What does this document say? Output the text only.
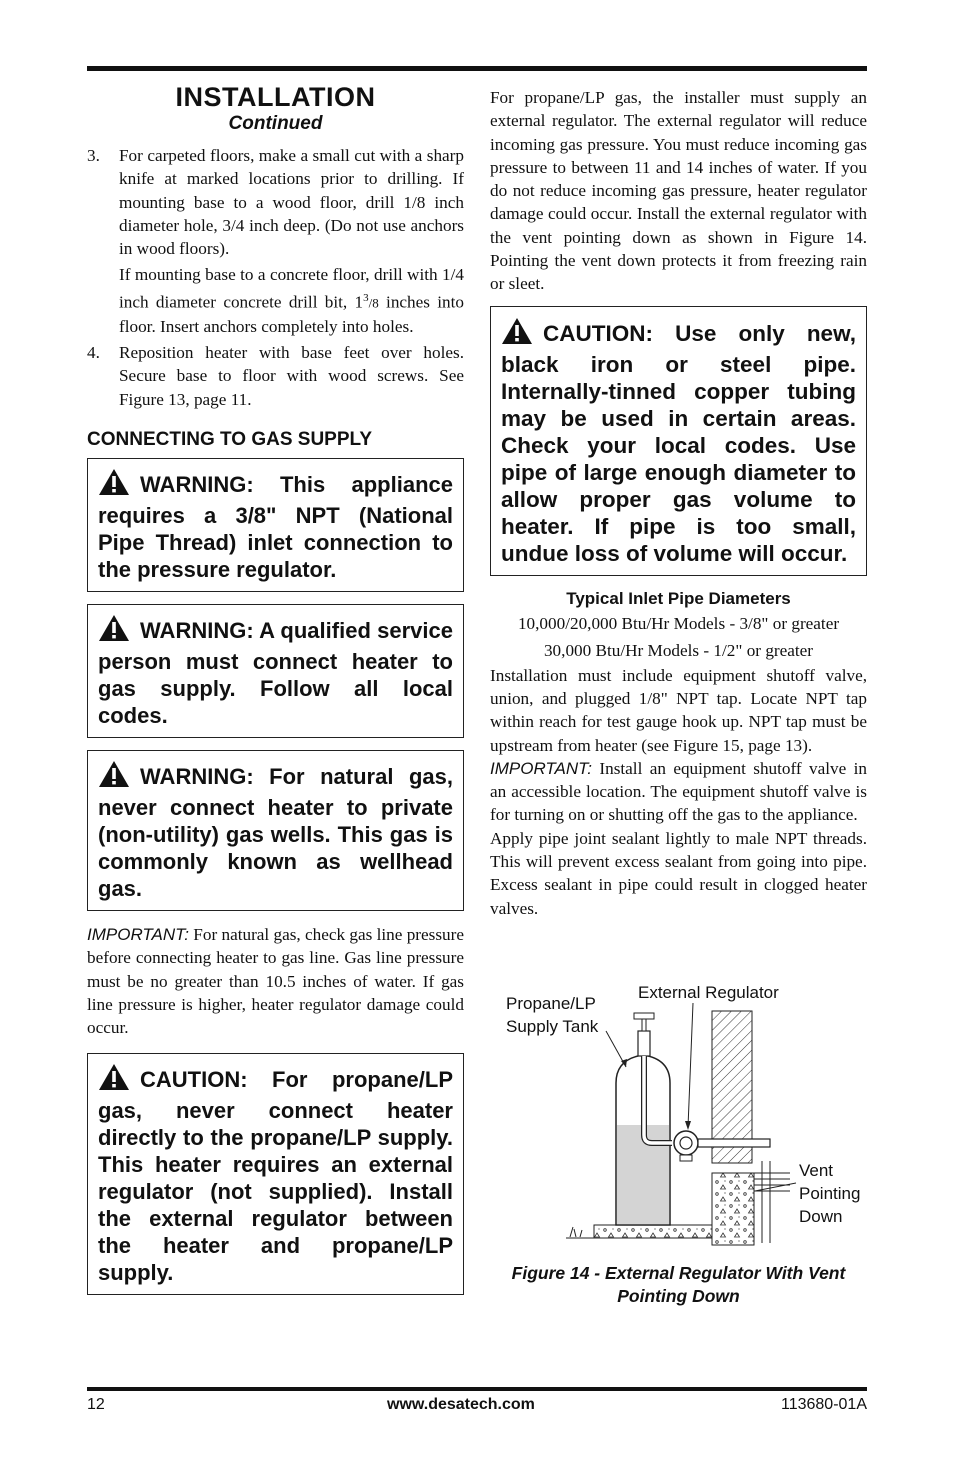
INSTALLATION

Continued

3.	For carpeted floors, make a small cut with a sharp knife at marked locations prior to drilling. If mounting base to a wood floor, drill 1/8 inch diameter hole, 3/4 inch deep. (Do not use anchors in wood floors).

If mounting base to a concrete floor, drill with 1/4 inch diameter concrete drill bit, $1^3/8$ inches into floor. Insert anchors completely into holes.

4.	Reposition heater with base feet over holes. Secure base to floor with wood screws. See Figure 13, page 11.
CONNECTING TO GAS SUPPLY
WARNING: This appliance requires a 3/8" NPT (National Pipe Thread) inlet connection to the pressure regulator.
WARNING: A qualified service person must connect heater to gas supply. Follow all local codes.
WARNING: For natural gas, never connect heater to private (non-utility) gas wells. This gas is commonly known as wellhead gas.

IMPORTANT: For natural gas, check gas line pressure before connecting heater to gas line. Gas line pressure must be no greater than 10.5 inches of water. If gas line pressure is higher, heater regulator damage could occur.

CAUTION: For propane/LP gas, never connect heater directly to the propane/LP supply. This heater requires an external regulator (not supplied). Install the external regulator between the heater and propane/LP supply.

For propane/LP gas, the installer must supply an external regulator. The external regulator will reduce incoming gas pressure. You must reduce incoming gas pressure to between 11 and 14 inches of water. If you do not reduce incoming gas pressure, heater regulator damage could occur. Install the external regulator with the vent pointing down as shown in Figure 14. Pointing the vent down protects it from freezing rain or sleet.

CAUTION: Use only new, black iron or steel pipe. Internally-tinned copper tubing may be used in certain areas. Check your local codes. Use pipe of large enough diameter to allow proper gas volume to heater. If pipe is too small, undue loss of volume will occur.
Typical Inlet Pipe Diameters
10,000/20,000 Btu/Hr Models - 3/8" or greater
30,000 Btu/Hr Models - 1/2" or greater

Installation must include equipment shutoff valve, union, and plugged 1/8" NPT tap. Locate NPT tap within reach for test gauge hook up. NPT tap must be upstream from heater (see Figure 15, page 13).

IMPORTANT: Install an equipment shutoff valve in an accessible location. The equipment shutoff valve is for turning on or shutting off the gas to the appliance.

Apply pipe joint sealant lightly to male NPT threads. This will prevent excess sealant from going into pipe. Excess sealant in pipe could result in clogged heater valves.

Propane/LP
Supply Tank
External Regulator
Vent
Pointing
Down
Figure 14 - External Regulator With Vent
Pointing Down
12	www.desatech.com	113680-01A
